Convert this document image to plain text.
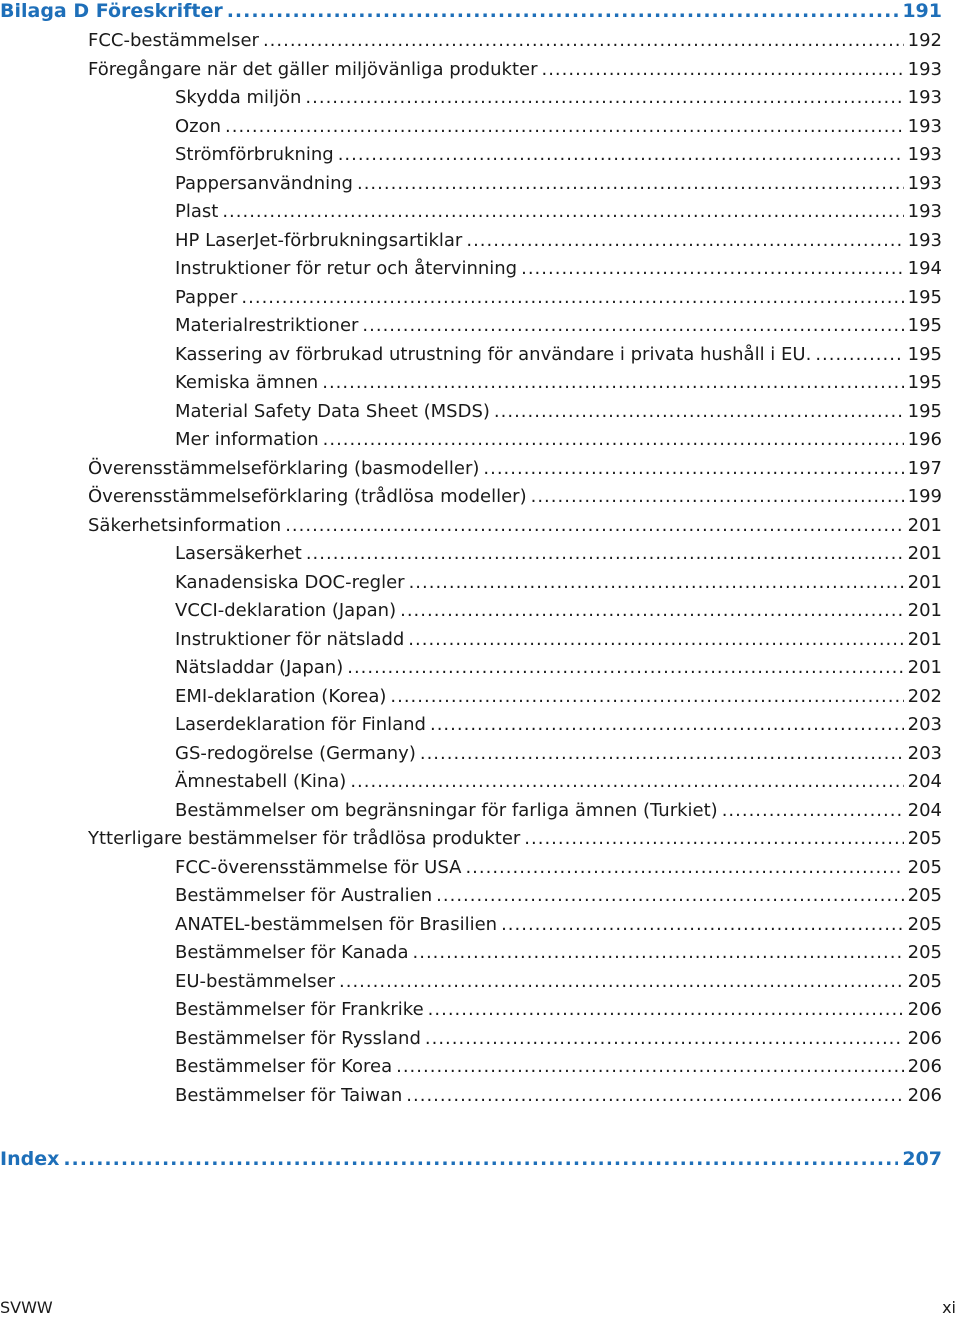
Bilaga D Föreskrifter .....	191
FCC-bestämmelser .....	192
Föregångare när det gäller miljövänliga produkter .....	193
Skydda miljön .....	193
Ozon .....	193
Strömförbrukning .....	193
Pappersanvändning .....	193
Plast .....	193
HP LaserJet-förbrukningsartiklar .....	193
Instruktioner för retur och återvinning .....	194
Papper .....	195
Materialrestriktioner .....	195
Kassering av förbrukad utrustning för användare i privata hushåll i EU. .....	195
Kemiska ämnen .....	195
Material Safety Data Sheet (MSDS) .....	195
Mer information .....	196
Överensstämmelseförklaring (basmodeller) .....	197
Överensstämmelseförklaring (trådlösa modeller) .....	199
Säkerhetsinformation .....	201
Lasersäkerhet .....	201
Kanadensiska DOC-regler .....	201
VCCI-deklaration (Japan) .....	201
Instruktioner för nätsladd .....	201
Nätsladdar (Japan) .....	201
EMI-deklaration (Korea) .....	202
Laserdeklaration för Finland .....	203
GS-redogörelse (Germany) .....	203
Ämnestabell (Kina) .....	204
Bestämmelser om begränsningar för farliga ämnen (Turkiet) .....	204
Ytterligare bestämmelser för trådlösa produkter .....	205
FCC-överensstämmelse för USA .....	205
Bestämmelser för Australien .....	205
ANATEL-bestämmelsen för Brasilien .....	205
Bestämmelser för Kanada .....	205
EU-bestämmelser .....	205
Bestämmelser för Frankrike .....	206
Bestämmelser för Ryssland .....	206
Bestämmelser för Korea .....	206
Bestämmelser för Taiwan .....	206
Index .....	207
SVWW	xi
